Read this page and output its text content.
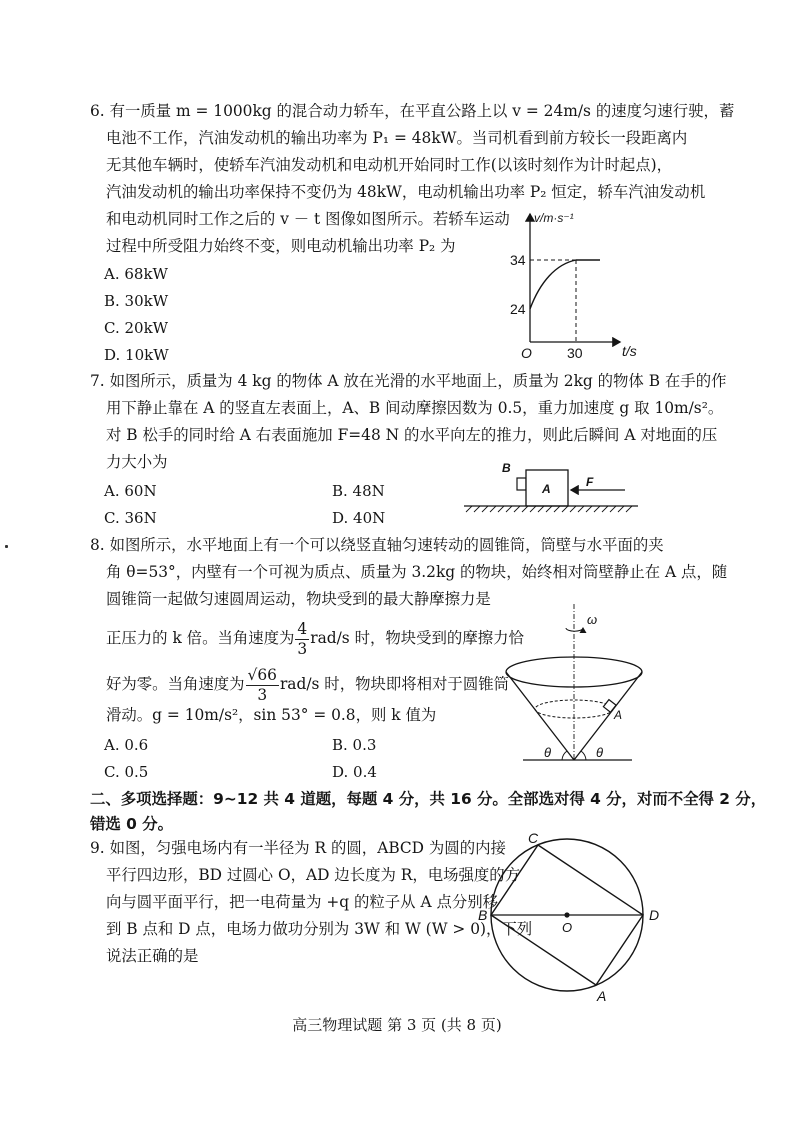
6. 有一质量 m = 1000kg 的混合动力轿车，在平直公路上以 v = 24m/s 的速度匀速行驶，蓄
电池不工作，汽油发动机的输出功率为 P₁ = 48kW。当司机看到前方较长一段距离内
无其他车辆时，使轿车汽油发动机和电动机开始同时工作(以该时刻作为计时起点)，
汽油发动机的输出功率保持不变仍为 48kW，电动机输出功率 P₂ 恒定，轿车汽油发动机
和电动机同时工作之后的 v － t 图像如图所示。若轿车运动
过程中所受阻力始终不变，则电动机输出功率 P₂ 为
A. 68kW
B. 30kW
C. 20kW
D. 10kW
v/m·s⁻¹
t/s
O
34
24
30
7. 如图所示，质量为 4 kg 的物体 A 放在光滑的水平地面上，质量为 2kg 的物体 B 在手的作
用下静止靠在 A 的竖直左表面上，A、B 间动摩擦因数为 0.5，重力加速度 g 取 10m/s²。
对 B 松手的同时给 A 右表面施加 F=48 N 的水平向左的推力，则此后瞬间 A 对地面的压
力大小为
A. 60N	B. 48N
C. 36N	D. 40N
B
A	F
8. 如图所示，水平地面上有一个可以绕竖直轴匀速转动的圆锥筒，筒壁与水平面的夹
角 θ=53°，内壁有一个可视为质点、质量为 3.2kg 的物块，始终相对筒壁静止在 A 点，随
圆锥筒一起做匀速圆周运动，物块受到的最大静摩擦力是
正压力的 k 倍。当角速度为 $\frac{4}{3} rad/s$ 时，物块受到的摩擦力恰
好为零。当角速度为 $\frac{√66}{3} rad/s$ 时，物块即将相对于圆锥筒
滑动。g = 10m/s²，sin 53° = 0.8，则 k 值为
A. 0.6	B. 0.3
C. 0.5	D. 0.4
ω
A
θ	θ
二、多项选择题：9~12 共 4 道题，每题 4 分，共 16 分。全部选对得 4 分，对而不全得 2 分，
错选 0 分。
9. 如图，匀强电场内有一半径为 R 的圆，ABCD 为圆的内接
平行四边形，BD 过圆心 O，AD 边长度为 R，电场强度的方
向与圆平面平行，把一电荷量为 +q 的粒子从 A 点分别移
到 B 点和 D 点，电场力做功分别为 3W 和 W (W > 0)，下列
说法正确的是
C
B	D
O
A
高三物理试题 第 3 页 (共 8 页)
